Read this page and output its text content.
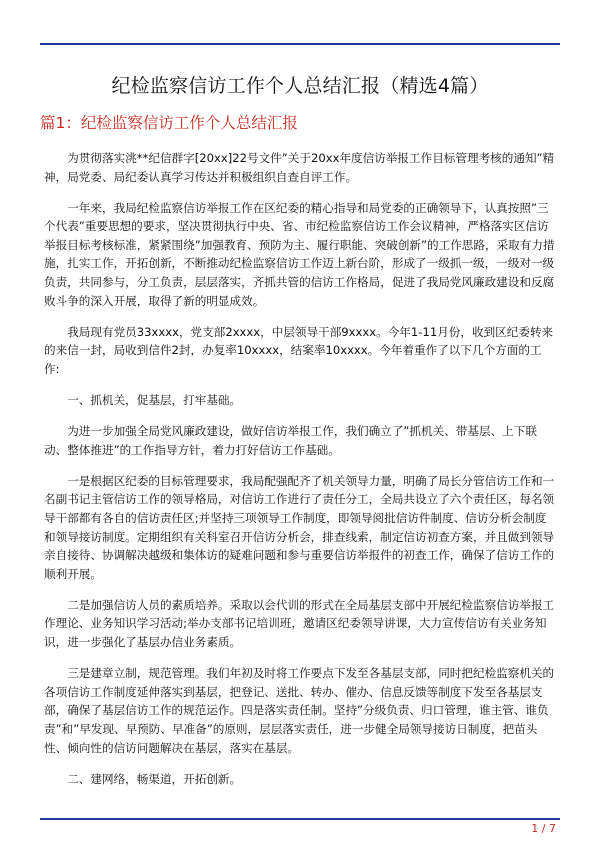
纪检监察信访工作个人总结汇报（精选4篇）
篇1：纪检监察信访工作个人总结汇报

　　为贯彻落实洮**纪信群字[20xx]22号文件”关于20xx年度信访举报工作目标管理考核的通知”精神，局党委、局纪委认真学习传达并积极组织自查自评工作。

　　一年来，我局纪检监察信访举报工作在区纪委的精心指导和局党委的正确领导下，认真按照”三个代表”重要思想的要求，坚决贯彻执行中央、省、市纪检监察信访工作会议精神，严格落实区信访举报目标考核标准，紧紧围绕”加强教育、预防为主、履行职能、突破创新”的工作思路，采取有力措施，扎实工作，开拓创新，不断推动纪检监察信访工作迈上新台阶，形成了一级抓一级，一级对一级负责，共同参与，分工负责，层层落实，齐抓共管的信访工作格局，促进了我局党风廉政建设和反腐败斗争的深入开展，取得了新的明显成效。

　　我局现有党员33xxxx，党支部2xxxx，中层领导干部9xxxx。今年1-11月份，收到区纪委转来的来信一封，局收到信件2封，办复率10xxxx，结案率10xxxx。今年着重作了以下几个方面的工作:

　　一、抓机关，促基层，打牢基础。

　　为进一步加强全局党风廉政建设，做好信访举报工作，我们确立了”抓机关、带基层、上下联动、整体推进”的工作指导方针，着力打好信访工作基础。

　　一是根据区纪委的目标管理要求，我局配强配齐了机关领导力量，明确了局长分管信访工作和一名副书记主管信访工作的领导格局，对信访工作进行了责任分工，全局共设立了六个责任区，每名领导干部都有各自的信访责任区;并坚持三项领导工作制度，即领导阅批信访件制度、信访分析会制度和领导接访制度。定期组织有关科室召开信访分析会，排查线索，制定信访初查方案，并且做到领导亲自接待、协调解决越级和集体访的疑难问题和参与重要信访举报件的初查工作，确保了信访工作的顺利开展。

　　二是加强信访人员的素质培养。采取以会代训的形式在全局基层支部中开展纪检监察信访举报工作理论、业务知识学习活动;举办支部书记培训班，邀请区纪委领导讲课，大力宣传信访有关业务知识，进一步强化了基层办信业务素质。

　　三是建章立制，规范管理。我们年初及时将工作要点下发至各基层支部，同时把纪检监察机关的各项信访工作制度延伸落实到基层，把登记、送批、转办、催办、信息反馈等制度下发至各基层支部，确保了基层信访工作的规范运作。四是落实责任制。坚持”分级负责、归口管理，谁主管、谁负责”和”早发现、早预防、早准备”的原则，层层落实责任，进一步健全局领导接访日制度，把苗头性、倾向性的信访问题解决在基层，落实在基层。

　　二、建网络，畅渠道，开拓创新。

1 / 7
